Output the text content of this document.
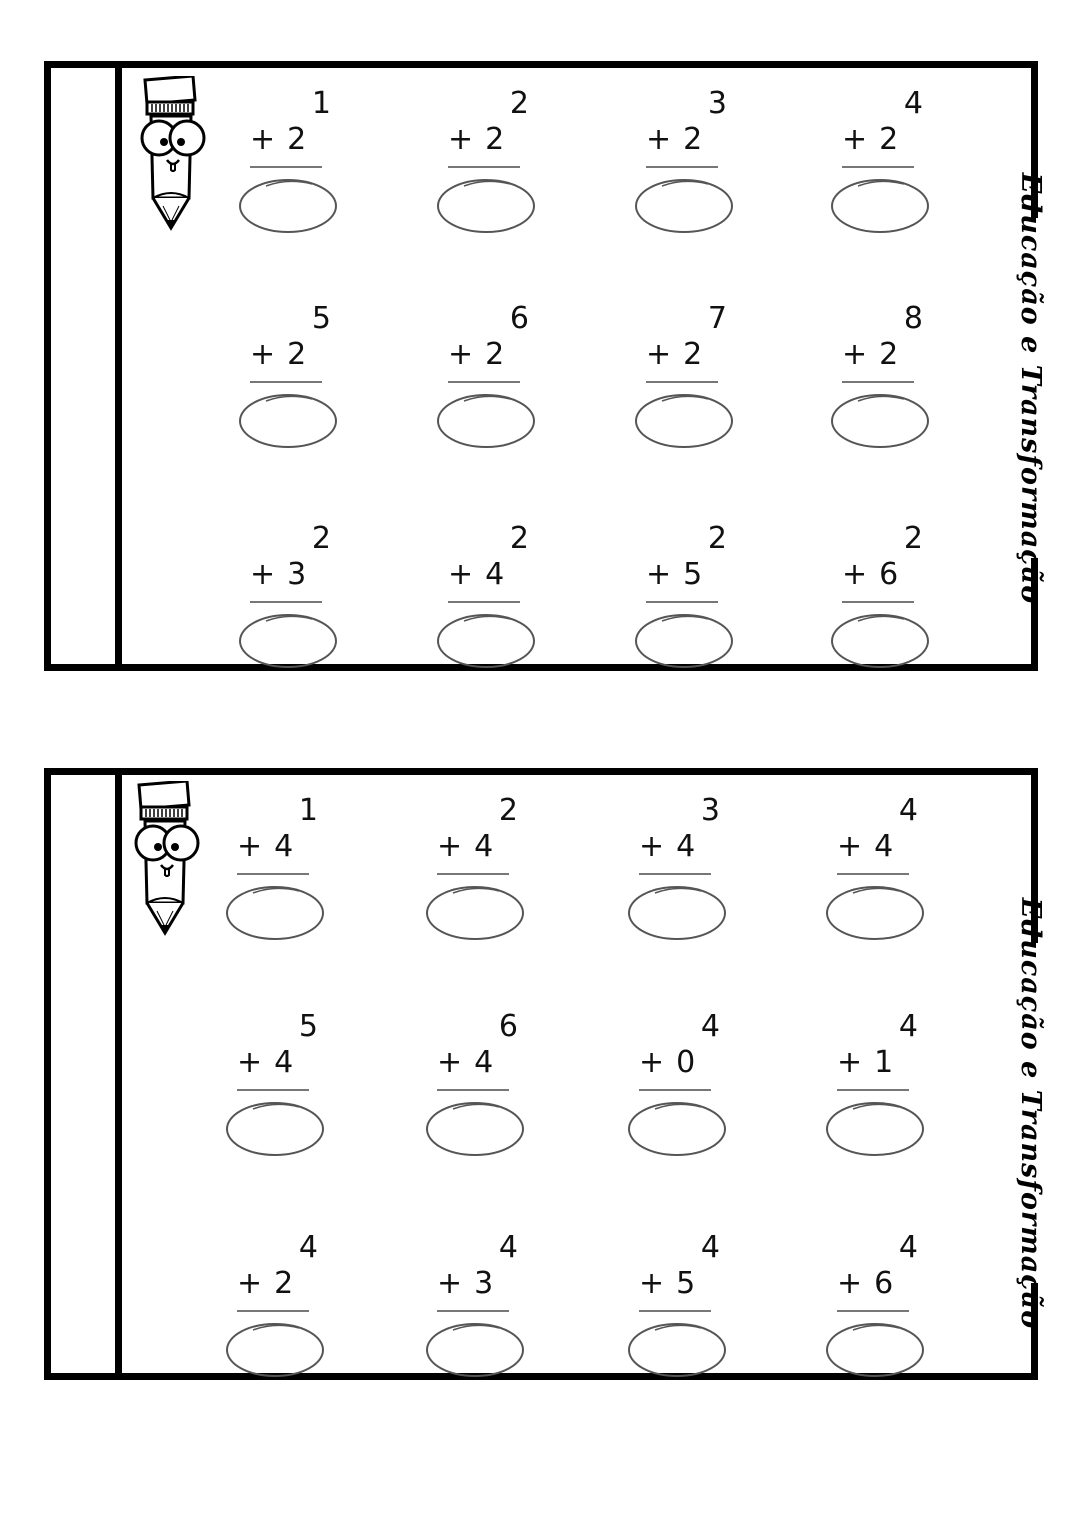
1
+ 2
2
+ 2
3
+ 2
4
+ 2
5
+ 2
6
+ 2
7
+ 2
8
+ 2
2
+ 3
2
+ 4
2
+ 5
2
+ 6	Educação e Transformação
1
+ 4
2
+ 4
3
+ 4
4
+ 4
5
+ 4
6
+ 4
4
+ 0
4
+ 1
4
+ 2
4
+ 3
4
+ 5
4
+ 6	Educação e Transformação
